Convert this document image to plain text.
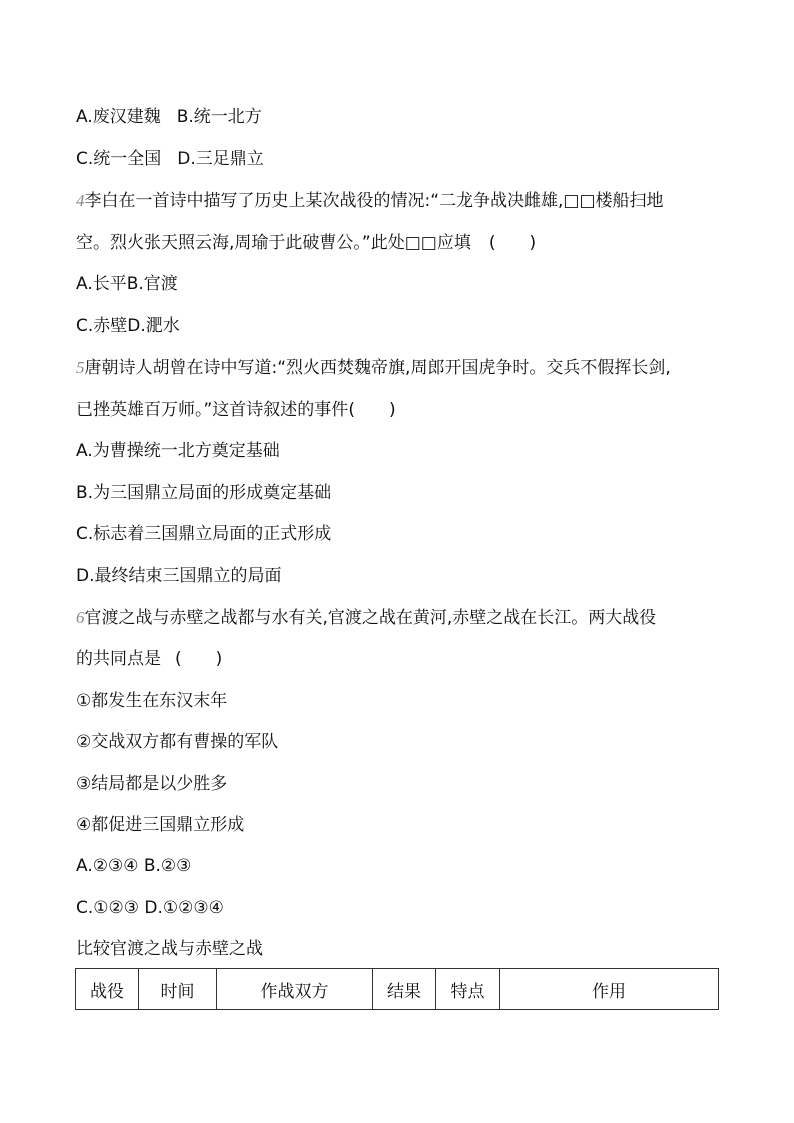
A.废汉建魏 B.统一北方
C.统一全国 D.三足鼎立
4李白在一首诗中描写了历史上某次战役的情况:“二龙争战决雌雄,□□楼船扫地
空。烈火张天照云海,周瑜于此破曹公。”此处□□应填 (　　)
A.长平B.官渡
C.赤壁D.淝水
5唐朝诗人胡曾在诗中写道:“烈火西焚魏帝旗,周郎开国虎争时。交兵不假挥长剑,
已挫英雄百万师。”这首诗叙述的事件(　　)
A.为曹操统一北方奠定基础
B.为三国鼎立局面的形成奠定基础
C.标志着三国鼎立局面的正式形成
D.最终结束三国鼎立的局面
6官渡之战与赤壁之战都与水有关,官渡之战在黄河,赤壁之战在长江。两大战役
的共同点是 (　　)
①都发生在东汉末年
②交战双方都有曹操的军队
③结局都是以少胜多
④都促进三国鼎立形成
A.②③④ B.②③
C.①②③ D.①②③④
比较官渡之战与赤壁之战
战役	时间	作战双方	结果	特点	作用
